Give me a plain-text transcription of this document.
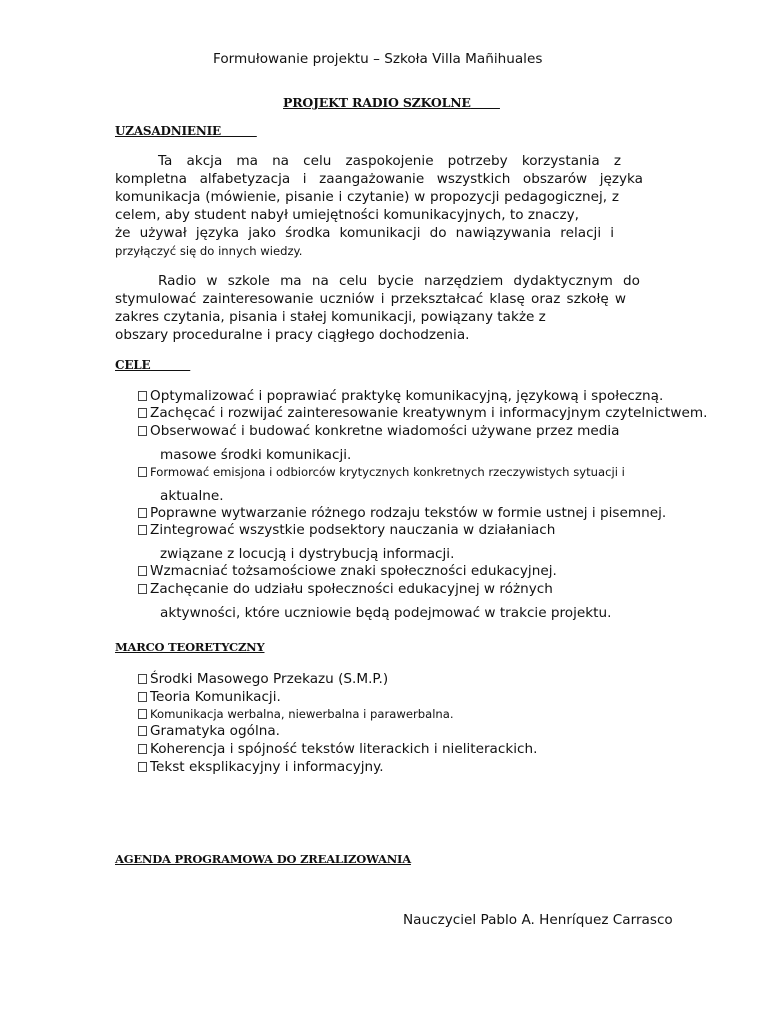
Formułowanie projektu – Szkoła Villa Mañihuales
PROJEKT RADIO SZKOLNE
UZASADNIENIE
Ta akcja ma na celu zaspokojenie potrzeby korzystania z
kompletna alfabetyzacja i zaangażowanie wszystkich obszarów języka
komunikacja (mówienie, pisanie i czytanie) w propozycji pedagogicznej, z
celem, aby student nabył umiejętności komunikacyjnych, to znaczy,
że używał języka jako środka komunikacji do nawiązywania relacji i
przyłączyć się do innych wiedzy.
Radio w szkole ma na celu bycie narzędziem dydaktycznym do
stymulować zainteresowanie uczniów i przekształcać klasę oraz szkołę w
zakres czytania, pisania i stałej komunikacji, powiązany także z
obszary proceduralne i pracy ciągłego dochodzenia.
CELE
Optymalizować i poprawiać praktykę komunikacyjną, językową i społeczną.
Zachęcać i rozwijać zainteresowanie kreatywnym i informacyjnym czytelnictwem.
Obserwować i budować konkretne wiadomości używane przez media
masowe środki komunikacji.
Formować emisjona i odbiorców krytycznych konkretnych rzeczywistych sytuacji i
aktualne.
Poprawne wytwarzanie różnego rodzaju tekstów w formie ustnej i pisemnej.
Zintegrować wszystkie podsektory nauczania w działaniach
związane z locucją i dystrybucją informacji.
Wzmacniać tożsamościowe znaki społeczności edukacyjnej.
Zachęcanie do udziału społeczności edukacyjnej w różnych
aktywności, które uczniowie będą podejmować w trakcie projektu.
MARCO TEORETYCZNY
Środki Masowego Przekazu (S.M.P.)
Teoria Komunikacji.
Komunikacja werbalna, niewerbalna i parawerbalna.
Gramatyka ogólna.
Koherencja i spójność tekstów literackich i nieliterackich.
Tekst eksplikacyjny i informacyjny.
AGENDA PROGRAMOWA DO ZREALIZOWANIA
Nauczyciel Pablo A. Henríquez Carrasco
